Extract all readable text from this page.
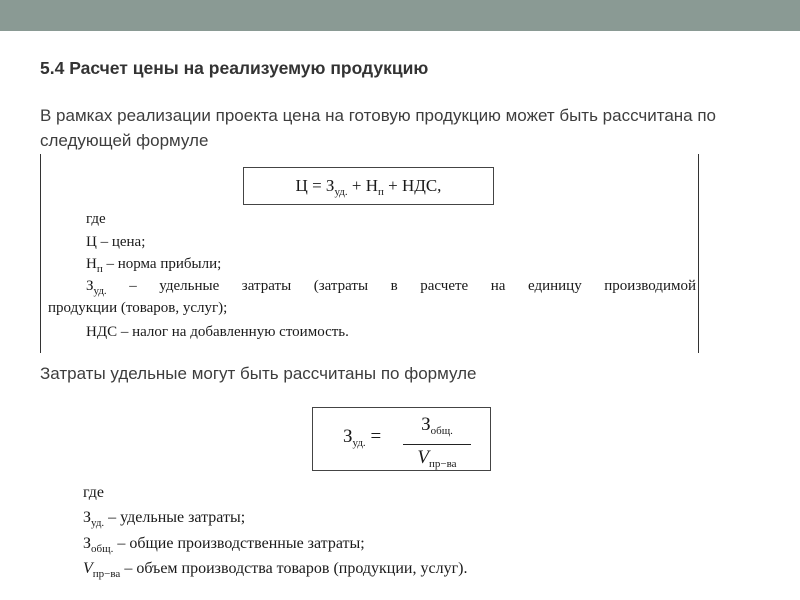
5.4 Расчет цены на реализуемую продукцию
В рамках реализации проекта цена на готовую продукцию может быть рассчитана по следующей формуле
$Ц = З_{уд.} + Н_п$ + НДС,
где
Ц – цена;
$Н_п$ – норма прибыли;
$З_{уд.}$ – удельные затраты (затраты в расчете на единицу производимой
продукции (товаров, услуг);
НДС – налог на добавленную стоимость.
Затраты удельные могут быть рассчитаны по формуле
$З_{уд.}$ =
$З_{общ.}$
$V_{пр-ва}$
где
$З_{уд.}$ – удельные затраты;
$З_{общ.}$ – общие производственные затраты;
$V_{пр-ва}$ – объем производства товаров (продукции, услуг).
